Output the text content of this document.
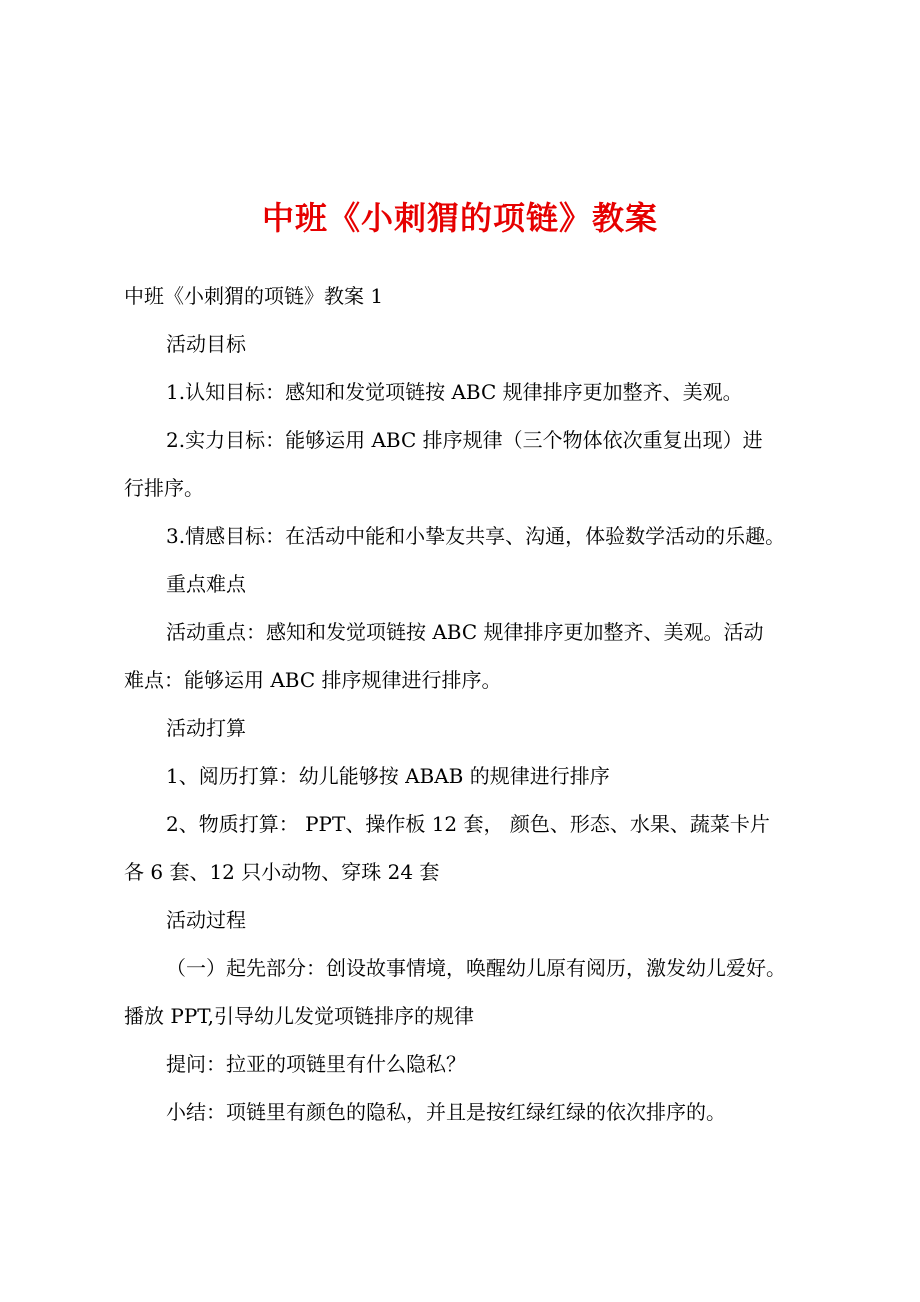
中班《小刺猬的项链》教案
中班《小刺猬的项链》教案 1
活动目标
1.认知目标：感知和发觉项链按 ABC 规律排序更加整齐、美观。
2.实力目标：能够运用 ABC 排序规律（三个物体依次重复出现）进
行排序。
3.情感目标：在活动中能和小挚友共享、沟通，体验数学活动的乐趣。
重点难点
活动重点：感知和发觉项链按 ABC 规律排序更加整齐、美观。活动
难点：能够运用 ABC 排序规律进行排序。
活动打算
1、阅历打算：幼儿能够按 ABAB 的规律进行排序
2、物质打算： PPT、操作板 12 套， 颜色、形态、水果、蔬菜卡片
各 6 套、12 只小动物、穿珠 24 套
活动过程
（一）起先部分：创设故事情境，唤醒幼儿原有阅历，激发幼儿爱好。
播放 PPT,引导幼儿发觉项链排序的规律
提问：拉亚的项链里有什么隐私？
小结：项链里有颜色的隐私，并且是按红绿红绿的依次排序的。
